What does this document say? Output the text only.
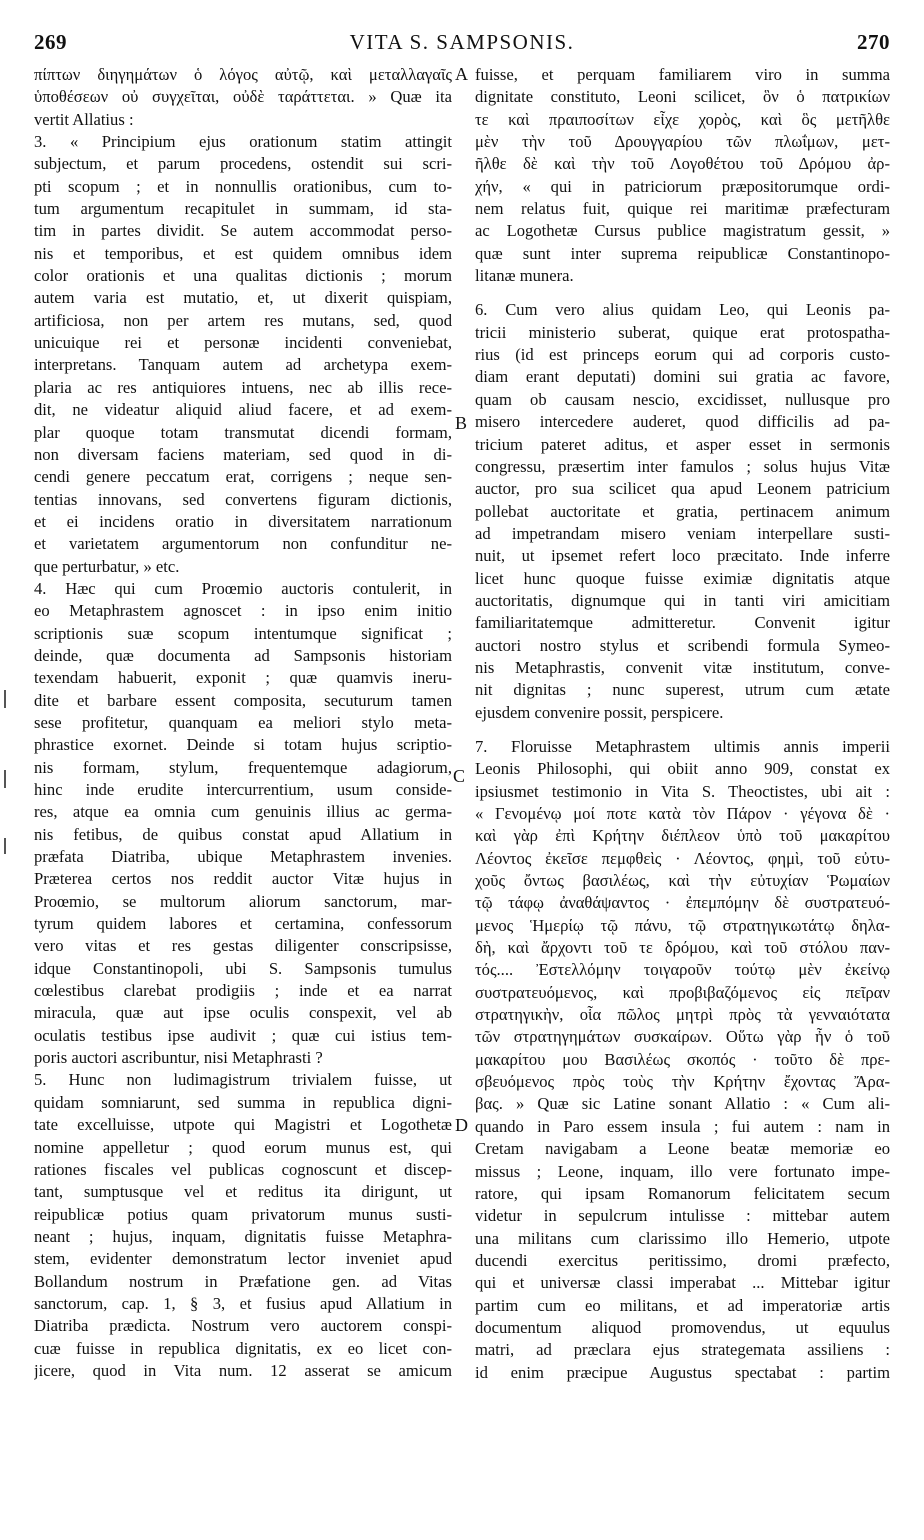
269	VITA S. SAMPSONIS.	270
A
B
C
D
πίπτων διηγημάτων ὁ λόγος αὐτῷ, καὶ μεταλλαγαῖς
ὑποθέσεων οὐ συγχεῖται, οὐδὲ ταράττεται. » Quæ ita
vertit Allatius :
3. « Principium ejus orationum statim attingit
subjectum, et parum procedens, ostendit sui scri-
pti scopum ; et in nonnullis orationibus, cum to-
tum argumentum recapitulet in summam, id sta-
tim in partes dividit. Se autem accommodat perso-
nis et temporibus, et est quidem omnibus idem
color orationis et una qualitas dictionis ; morum
autem varia est mutatio, et, ut dixerit quispiam,
artificiosa, non per artem res mutans, sed, quod
unicuique rei et personæ incidenti conveniebat,
interpretans. Tanquam autem ad archetypa exem-
plaria ac res antiquiores intuens, nec ab illis rece-
dit, ne videatur aliquid aliud facere, et ad exem-
plar quoque totam transmutat dicendi formam,
non diversam faciens materiam, sed quod in di-
cendi genere peccatum erat, corrigens ; neque sen-
tentias innovans, sed convertens figuram dictionis,
et ei incidens oratio in diversitatem narrationum
et varietatem argumentorum non confunditur ne-
que perturbatur, » etc.
4. Hæc qui cum Proœmio auctoris contulerit, in
eo Metaphrastem agnoscet : in ipso enim initio
scriptionis suæ scopum intentumque significat ;
deinde, quæ documenta ad Sampsonis historiam
texendam habuerit, exponit ; quæ quamvis ineru-
dite et barbare essent composita, secuturum tamen
sese profitetur, quanquam ea meliori stylo meta-
phrastice exornet. Deinde si totam hujus scriptio-
nis formam, stylum, frequentemque adagiorum,
hinc inde erudite intercurrentium, usum conside-
res, atque ea omnia cum genuinis illius ac germa-
nis fetibus, de quibus constat apud Allatium in
præfata Diatriba, ubique Metaphrastem invenies.
Præterea certos nos reddit auctor Vitæ hujus in
Proœmio, se multorum aliorum sanctorum, mar-
tyrum quidem labores et certamina, confessorum
vero vitas et res gestas diligenter conscripsisse,
idque Constantinopoli, ubi S. Sampsonis tumulus
cœlestibus clarebat prodigiis ; inde et ea narrat
miracula, quæ aut ipse oculis conspexit, vel ab
oculatis testibus ipse audivit ; quæ cui istius tem-
poris auctori ascribuntur, nisi Metaphrasti ?
5. Hunc non ludimagistrum trivialem fuisse, ut
quidam somniarunt, sed summa in republica digni-
tate excelluisse, utpote qui Magistri et Logothetæ
nomine appelletur ; quod eorum munus est, qui
rationes fiscales vel publicas cognoscunt et discep-
tant, sumptusque vel et reditus ita dirigunt, ut
reipublicæ potius quam privatorum munus susti-
neant ; hujus, inquam, dignitatis fuisse Metaphra-
stem, evidenter demonstratum lector inveniet apud
Bollandum nostrum in Præfatione gen. ad Vitas
sanctorum, cap. 1, § 3, et fusius apud Allatium in
Diatriba prædicta. Nostrum vero auctorem conspi-
cuæ fuisse in republica dignitatis, ex eo licet con-
jicere, quod in Vita num. 12 asserat se amicum
fuisse, et perquam familiarem viro in summa
dignitate constituto, Leoni scilicet, ὃν ὁ πατρικίων
τε καὶ πραιποσίτων εἶχε χορὸς, καὶ ὃς μετῆλθε
μὲν τὴν τοῦ Δρουγγαρίου τῶν πλωΐμων, μετ-
ῆλθε δὲ καὶ τὴν τοῦ Λογοθέτου τοῦ Δρόμου ἀρ-
χήν, « qui in patriciorum præpositorumque ordi-
nem relatus fuit, quique rei maritimæ præfecturam
ac Logothetæ Cursus publice magistratum gessit, »
quæ sunt inter suprema reipublicæ Constantinopo-
litanæ munera.
6. Cum vero alius quidam Leo, qui Leonis pa-
tricii ministerio suberat, quique erat protospatha-
rius (id est princeps eorum qui ad corporis custo-
diam erant deputati) domini sui gratia ac favore,
quam ob causam nescio, excidisset, nullusque pro
misero intercedere auderet, quod difficilis ad pa-
tricium pateret aditus, et asper esset in sermonis
congressu, præsertim inter famulos ; solus hujus Vitæ
auctor, pro sua scilicet qua apud Leonem patricium
pollebat auctoritate et gratia, pertinacem animum
ad impetrandam misero veniam interpellare susti-
nuit, ut ipsemet refert loco præcitato. Inde inferre
licet hunc quoque fuisse eximiæ dignitatis atque
auctoritatis, dignumque qui in tanti viri amicitiam
familiaritatemque admitteretur. Convenit igitur
auctori nostro stylus et scribendi formula Symeo-
nis Metaphrastis, convenit vitæ institutum, conve-
nit dignitas ; nunc superest, utrum cum ætate
ejusdem convenire possit, perspicere.
7. Floruisse Metaphrastem ultimis annis imperii
Leonis Philosophi, qui obiit anno 909, constat ex
ipsiusmet testimonio in Vita S. Theoctistes, ubi ait :
« Γενομένῳ μοί ποτε κατὰ τὸν Πάρον · γέγονα δὲ ·
καὶ γὰρ ἐπὶ Κρήτην διέπλεον ὑπὸ τοῦ μακαρίτου
Λέοντος ἐκεῖσε πεμφθεὶς · Λέοντος, φημὶ, τοῦ εὐτυ-
χοῦς ὄντως βασιλέως, καὶ τὴν εὐτυχίαν Ῥωμαίων
τῷ τάφῳ ἀναθάψαντος · ἐπεμπόμην δὲ συστρατευό-
μενος Ἡμερίῳ τῷ πάνυ, τῷ στρατηγικωτάτῳ δηλα-
δὴ, καὶ ἄρχοντι τοῦ τε δρόμου, καὶ τοῦ στόλου παν-
τός.... Ἐστελλόμην τοιγαροῦν τούτῳ μὲν ἐκείνῳ
συστρατευόμενος, καὶ προβιβαζόμενος εἰς πεῖραν
στρατηγικὴν, οἷα πῶλος μητρὶ πρὸς τὰ γενναιότατα
τῶν στρατηγημάτων συσκαίρων. Οὕτω γὰρ ἦν ὁ τοῦ
μακαρίτου μου Βασιλέως σκοπός · τοῦτο δὲ πρε-
σβευόμενος πρὸς τοὺς τὴν Κρήτην ἔχοντας Ἄρα-
βας. » Quæ sic Latine sonant Allatio : « Cum ali-
quando in Paro essem insula ; fui autem : nam in
Cretam navigabam a Leone beatæ memoriæ eo
missus ; Leone, inquam, illo vere fortunato impe-
ratore, qui ipsam Romanorum felicitatem secum
videtur in sepulcrum intulisse : mittebar autem
una militans cum clarissimo illo Hemerio, utpote
ducendi exercitus peritissimo, dromi præfecto,
qui et universæ classi imperabat ... Mittebar igitur
partim cum eo militans, et ad imperatoriæ artis
documentum aliquod promovendus, ut equulus
matri, ad præclara ejus strategemata assiliens :
id enim præcipue Augustus spectabat : partim
